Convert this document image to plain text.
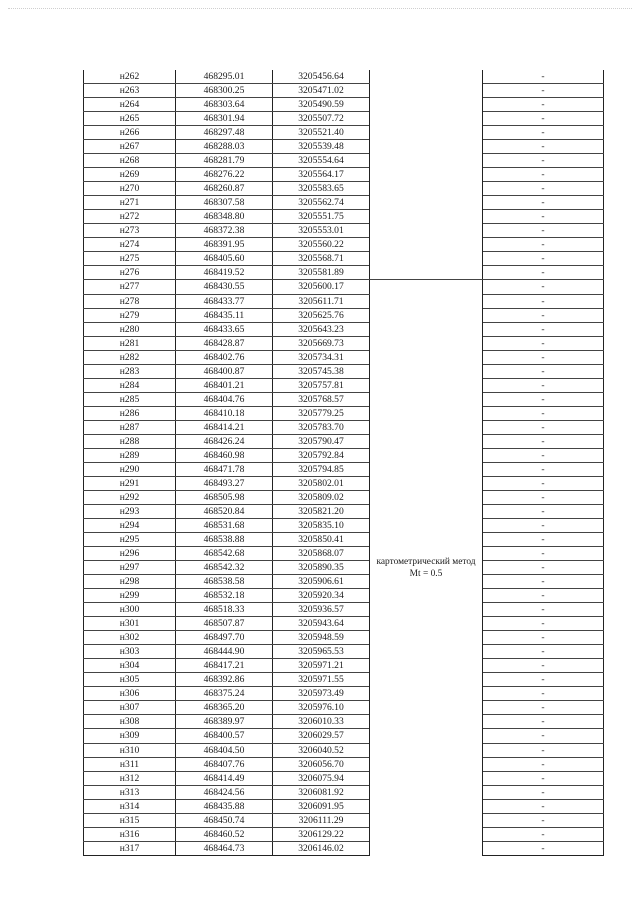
н262	468295.01	3205456.64		-
н263	468300.25	3205471.02		-
н264	468303.64	3205490.59		-
н265	468301.94	3205507.72		-
н266	468297.48	3205521.40		-
н267	468288.03	3205539.48		-
н268	468281.79	3205554.64		-
н269	468276.22	3205564.17		-
н270	468260.87	3205583.65		-
н271	468307.58	3205562.74		-
н272	468348.80	3205551.75		-
н273	468372.38	3205553.01		-
н274	468391.95	3205560.22		-
н275	468405.60	3205568.71		-
н276	468419.52	3205581.89		-
н277	468430.55	3205600.17	картометрический метод Mt = 0.5	-
н278	468433.77	3205611.71		-
н279	468435.11	3205625.76		-
н280	468433.65	3205643.23		-
н281	468428.87	3205669.73		-
н282	468402.76	3205734.31		-
н283	468400.87	3205745.38		-
н284	468401.21	3205757.81		-
н285	468404.76	3205768.57		-
н286	468410.18	3205779.25		-
н287	468414.21	3205783.70		-
н288	468426.24	3205790.47		-
н289	468460.98	3205792.84		-
н290	468471.78	3205794.85		-
н291	468493.27	3205802.01		-
н292	468505.98	3205809.02		-
н293	468520.84	3205821.20		-
н294	468531.68	3205835.10		-
н295	468538.88	3205850.41		-
н296	468542.68	3205868.07		-
н297	468542.32	3205890.35		-
н298	468538.58	3205906.61		-
н299	468532.18	3205920.34		-
н300	468518.33	3205936.57		-
н301	468507.87	3205943.64		-
н302	468497.70	3205948.59		-
н303	468444.90	3205965.53		-
н304	468417.21	3205971.21		-
н305	468392.86	3205971.55		-
н306	468375.24	3205973.49		-
н307	468365.20	3205976.10		-
н308	468389.97	3206010.33		-
н309	468400.57	3206029.57		-
н310	468404.50	3206040.52		-
н311	468407.76	3206056.70		-
н312	468414.49	3206075.94		-
н313	468424.56	3206081.92		-
н314	468435.88	3206091.95		-
н315	468450.74	3206111.29		-
н316	468460.52	3206129.22		-
н317	468464.73	3206146.02		-
